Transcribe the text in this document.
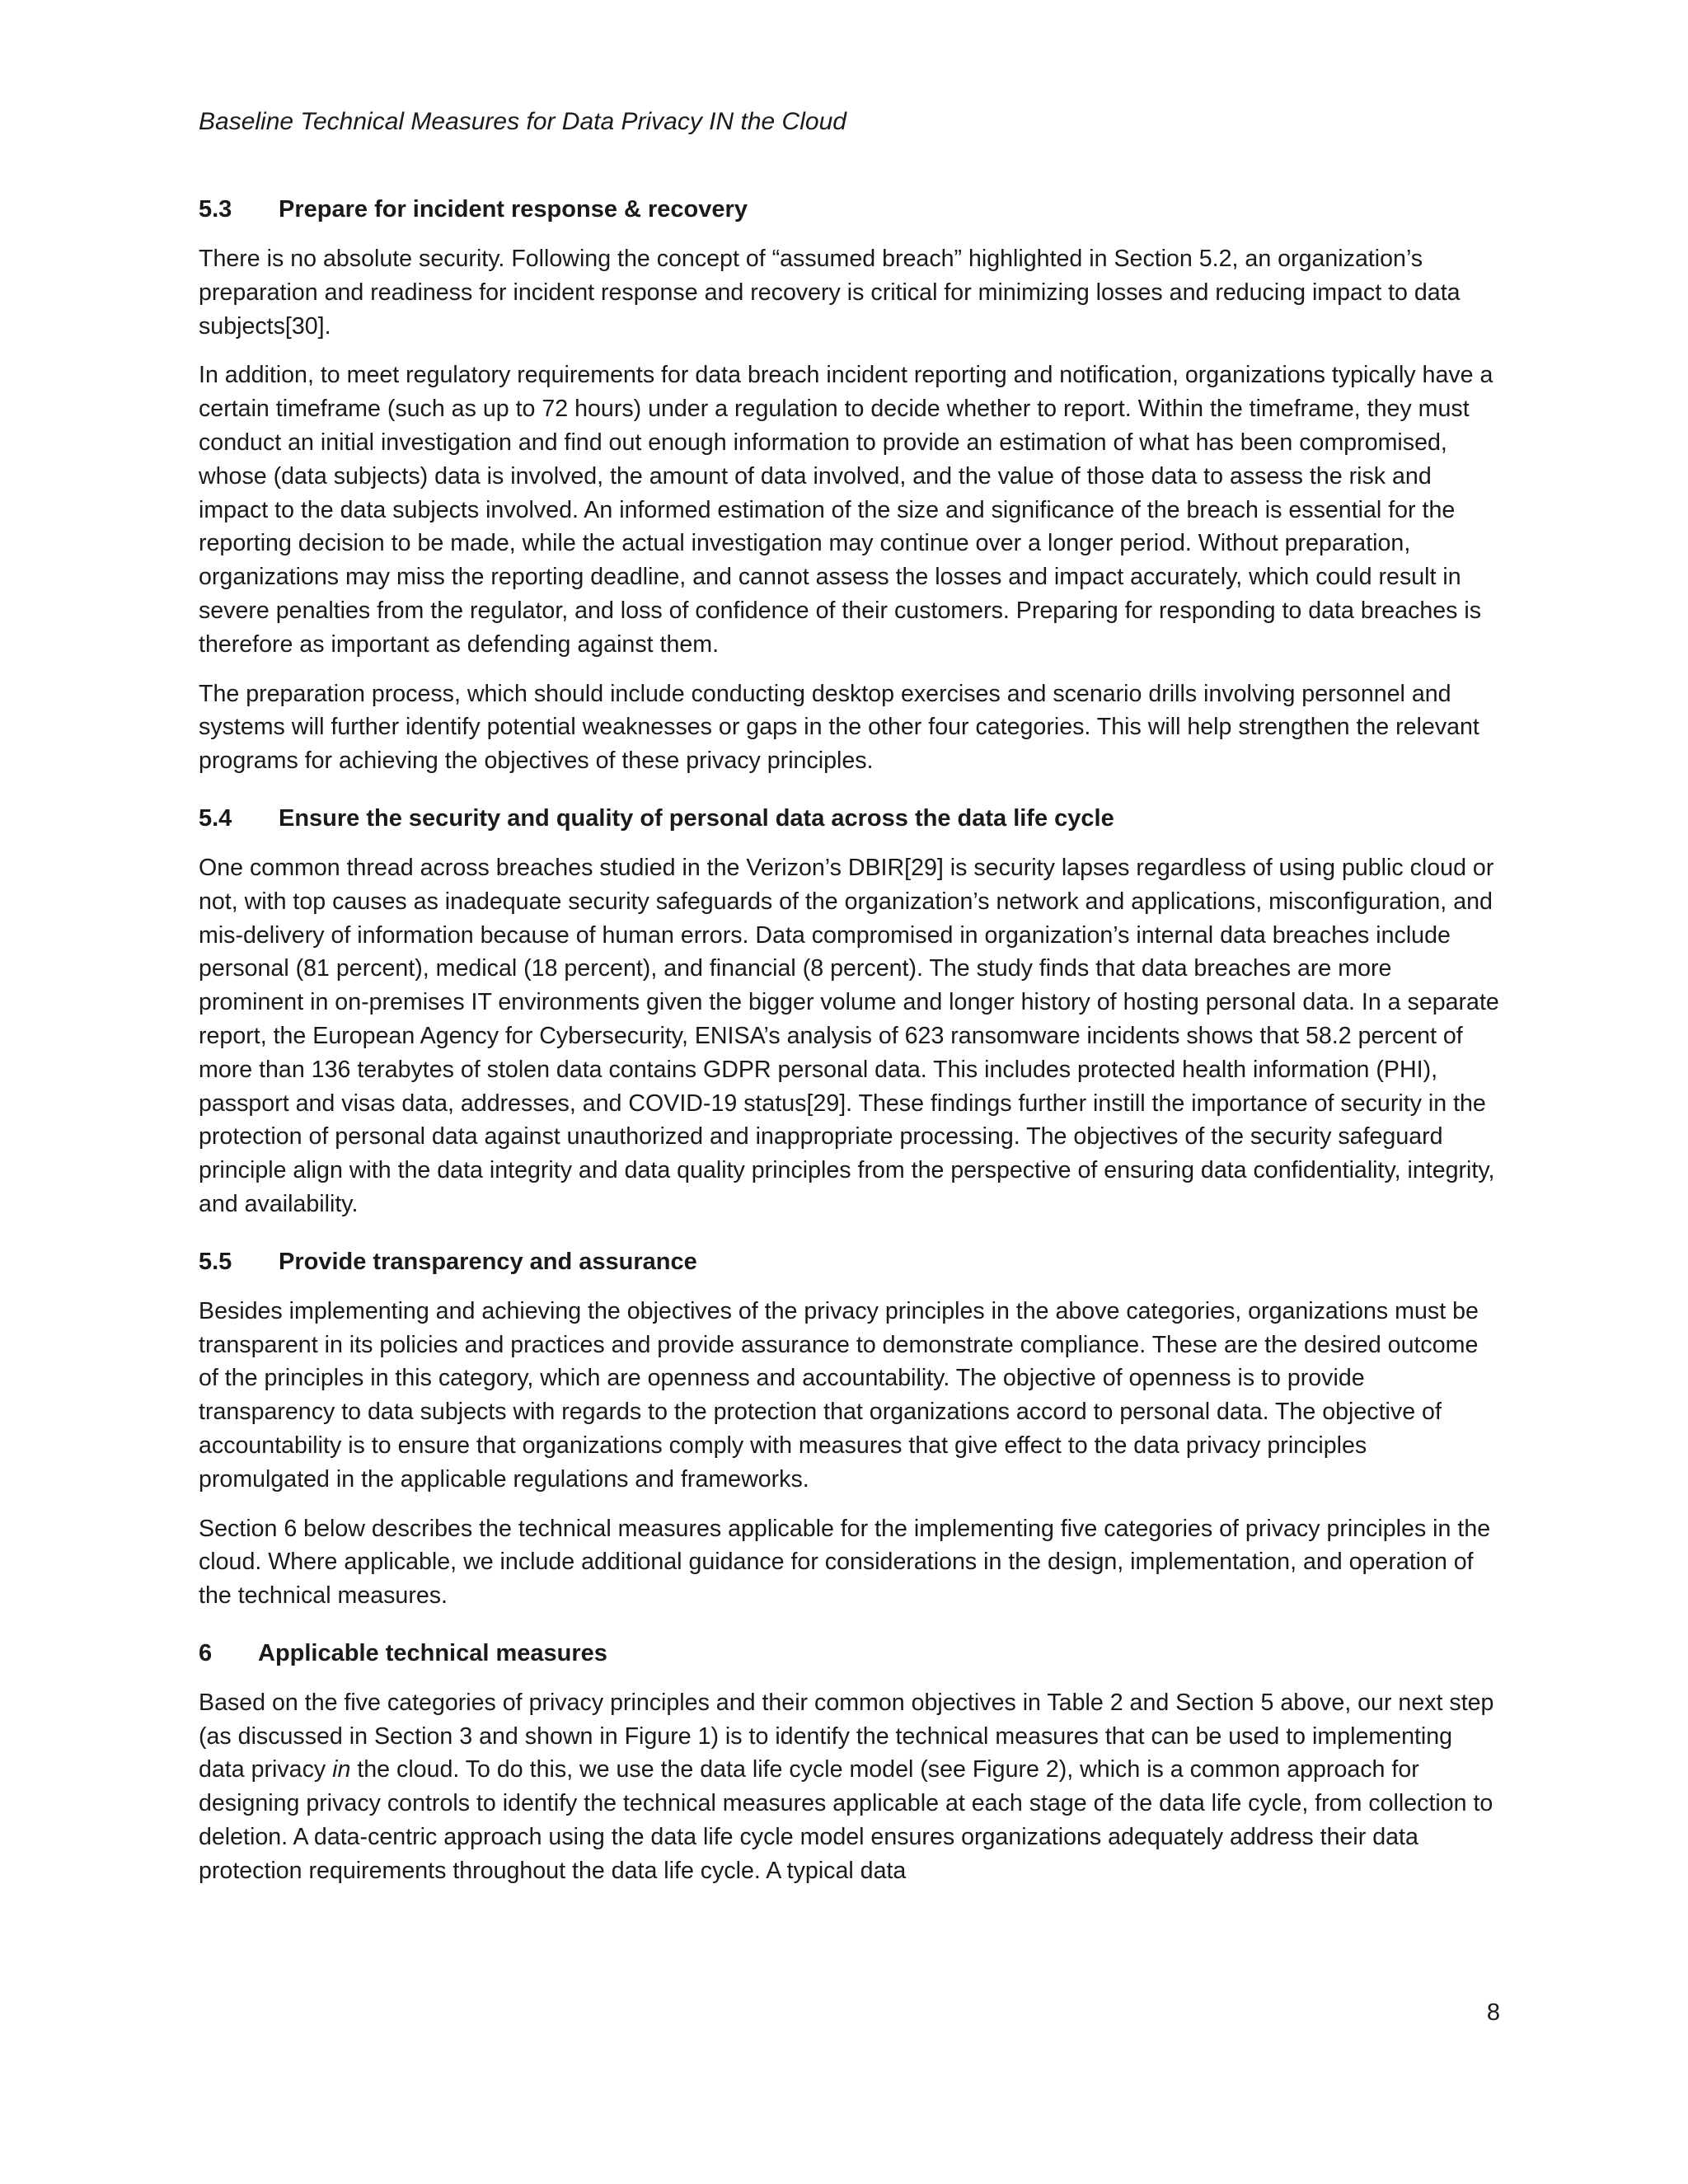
Baseline Technical Measures for Data Privacy IN the Cloud
5.3	Prepare for incident response & recovery

There is no absolute security. Following the concept of “assumed breach” highlighted in Section 5.2, an organization’s preparation and readiness for incident response and recovery is critical for minimizing losses and reducing impact to data subjects[30].

In addition, to meet regulatory requirements for data breach incident reporting and notification, organizations typically have a certain timeframe (such as up to 72 hours) under a regulation to decide whether to report. Within the timeframe, they must conduct an initial investigation and find out enough information to provide an estimation of what has been compromised, whose (data subjects) data is involved, the amount of data involved, and the value of those data to assess the risk and impact to the data subjects involved. An informed estimation of the size and significance of the breach is essential for the reporting decision to be made, while the actual investigation may continue over a longer period. Without preparation, organizations may miss the reporting deadline, and cannot assess the losses and impact accurately, which could result in severe penalties from the regulator, and loss of confidence of their customers. Preparing for responding to data breaches is therefore as important as defending against them.

The preparation process, which should include conducting desktop exercises and scenario drills involving personnel and systems will further identify potential weaknesses or gaps in the other four categories. This will help strengthen the relevant programs for achieving the objectives of these privacy principles.

5.4	Ensure the security and quality of personal data across the data life cycle

One common thread across breaches studied in the Verizon’s DBIR[29] is security lapses regardless of using public cloud or not, with top causes as inadequate security safeguards of the organization’s network and applications, misconfiguration, and mis-delivery of information because of human errors. Data compromised in organization’s internal data breaches include personal (81 percent), medical (18 percent), and financial (8 percent). The study finds that data breaches are more prominent in on-premises IT environments given the bigger volume and longer history of hosting personal data. In a separate report, the European Agency for Cybersecurity, ENISA’s analysis of 623 ransomware incidents shows that 58.2 percent of more than 136 terabytes of stolen data contains GDPR personal data. This includes protected health information (PHI), passport and visas data, addresses, and COVID-19 status[29]. These findings further instill the importance of security in the protection of personal data against unauthorized and inappropriate processing. The objectives of the security safeguard principle align with the data integrity and data quality principles from the perspective of ensuring data confidentiality, integrity, and availability.

5.5	Provide transparency and assurance

Besides implementing and achieving the objectives of the privacy principles in the above categories, organizations must be transparent in its policies and practices and provide assurance to demonstrate compliance. These are the desired outcome of the principles in this category, which are openness and accountability. The objective of openness is to provide transparency to data subjects with regards to the protection that organizations accord to personal data. The objective of accountability is to ensure that organizations comply with measures that give effect to the data privacy principles promulgated in the applicable regulations and frameworks.

Section 6 below describes the technical measures applicable for the implementing five categories of privacy principles in the cloud. Where applicable, we include additional guidance for considerations in the design, implementation, and operation of the technical measures.

6	Applicable technical measures

Based on the five categories of privacy principles and their common objectives in Table 2 and Section 5 above, our next step (as discussed in Section 3 and shown in Figure 1) is to identify the technical measures that can be used to implementing data privacy in the cloud. To do this, we use the data life cycle model (see Figure 2), which is a common approach for designing privacy controls to identify the technical measures applicable at each stage of the data life cycle, from collection to deletion. A data-centric approach using the data life cycle model ensures organizations adequately address their data protection requirements throughout the data life cycle. A typical data

8
